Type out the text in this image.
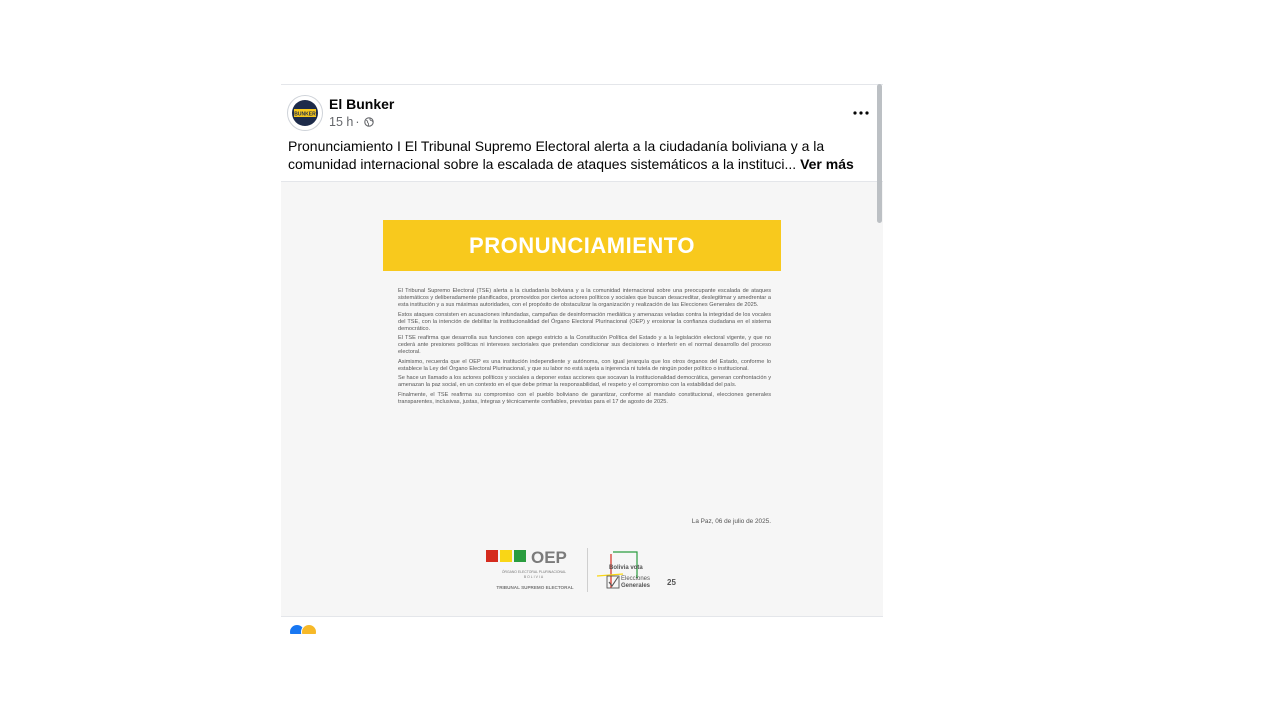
BUNKER
El Bunker
15 h ·
Pronunciamiento I El Tribunal Supremo Electoral alerta a la ciudadanía boliviana y a la comunidad internacional sobre la escalada de ataques sistemáticos a la instituci... Ver más
PRONUNCIAMIENTO

El Tribunal Supremo Electoral (TSE) alerta a la ciudadanía boliviana y a la comunidad internacional sobre una preocupante escalada de ataques sistemáticos y deliberadamente planificados, promovidos por ciertos actores políticos y sociales que buscan desacreditar, deslegitimar y amedrentar a esta institución y a sus máximas autoridades, con el propósito de obstaculizar la organización y realización de las Elecciones Generales de 2025.

Estos ataques consisten en acusaciones infundadas, campañas de desinformación mediática y amenazas veladas contra la integridad de los vocales del TSE, con la intención de debilitar la institucionalidad del Órgano Electoral Plurinacional (OEP) y erosionar la confianza ciudadana en el sistema democrático.

El TSE reafirma que desarrolla sus funciones con apego estricto a la Constitución Política del Estado y a la legislación electoral vigente, y que no cederá ante presiones políticas ni intereses sectoriales que pretendan condicionar sus decisiones o interferir en el normal desarrollo del proceso electoral.

Asimismo, recuerda que el OEP es una institución independiente y autónoma, con igual jerarquía que los otros órganos del Estado, conforme lo establece la Ley del Órgano Electoral Plurinacional, y que su labor no está sujeta a injerencia ni tutela de ningún poder político o institucional.

Se hace un llamado a los actores políticos y sociales a deponer estas acciones que socavan la institucionalidad democrática, generan confrontación y amenazan la paz social, en un contexto en el que debe primar la responsabilidad, el respeto y el compromiso con la estabilidad del país.

Finalmente, el TSE reafirma su compromiso con el pueblo boliviano de garantizar, conforme al mandato constitucional, elecciones generales transparentes, inclusivas, justas, íntegras y técnicamente confiables, previstas para el 17 de agosto de 2025.

La Paz, 06 de julio de 2025.
OEP
ÓRGANO ELECTORAL PLURINACIONAL
BOLIVIA
TRIBUNAL SUPREMO ELECTORAL
Bolivia vota
Elecciones
Generales 25
